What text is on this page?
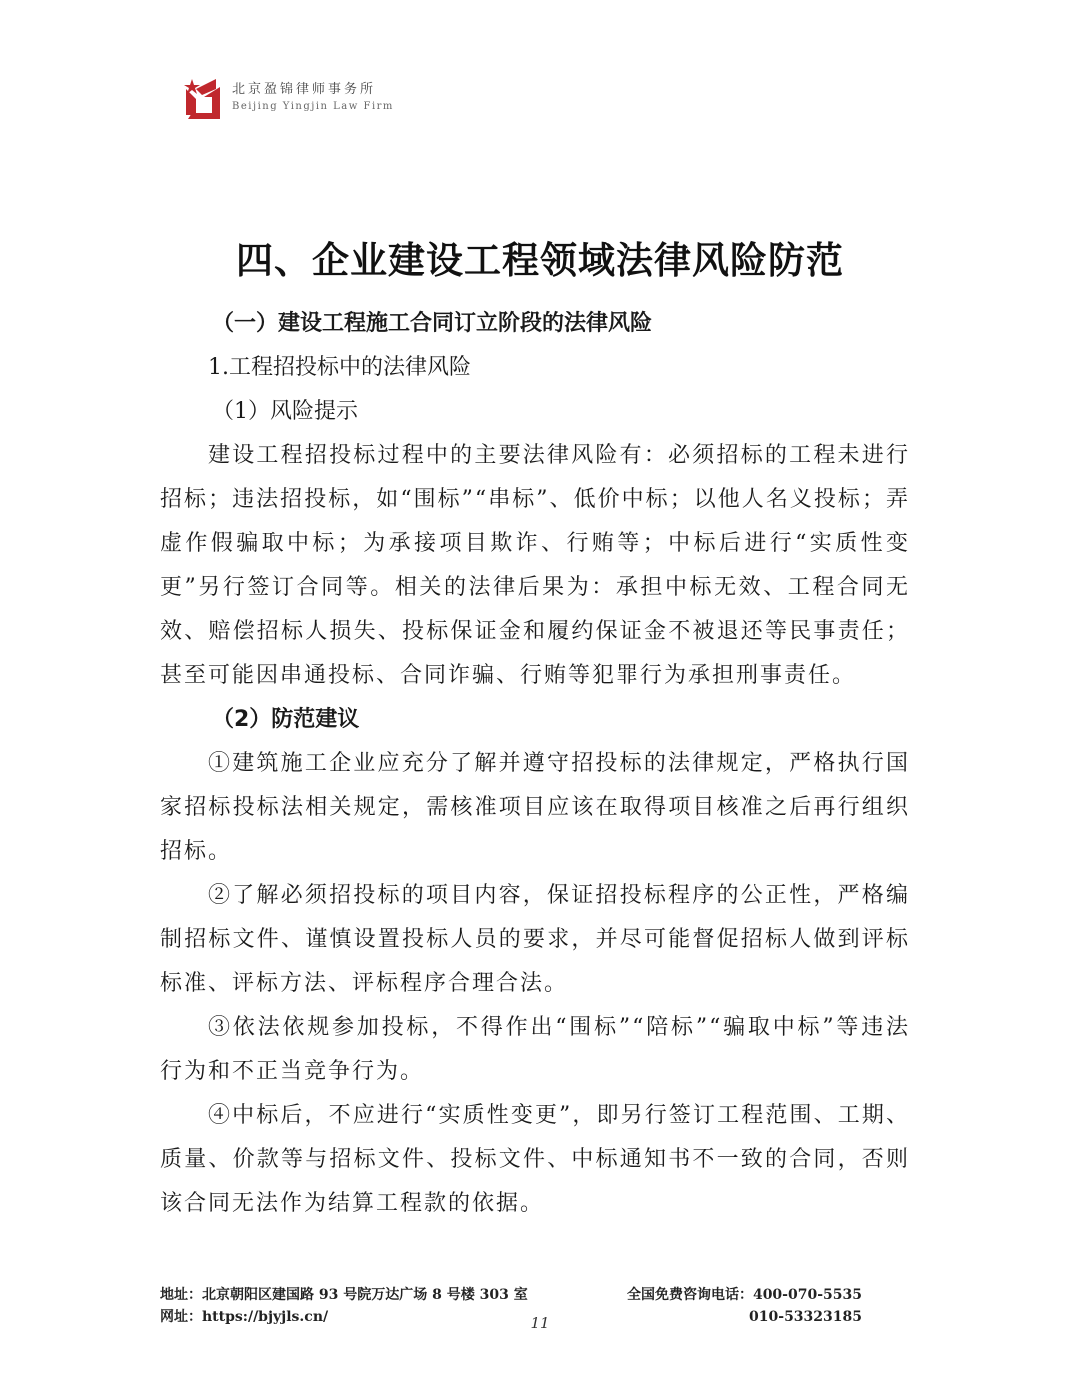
北京盈锦律师事务所
Beijing Yingjin Law Firm
四、企业建设工程领域法律风险防范

（一）建设工程施工合同订立阶段的法律风险

1.工程招投标中的法律风险

（1）风险提示

建设工程招投标过程中的主要法律风险有：必须招标的工程未进行招标；违法招投标，如“围标”“串标”、低价中标；以他人名义投标；弄虚作假骗取中标；为承接项目欺诈、行贿等；中标后进行“实质性变更”另行签订合同等。相关的法律后果为：承担中标无效、工程合同无效、赔偿招标人损失、投标保证金和履约保证金不被退还等民事责任；甚至可能因串通投标、合同诈骗、行贿等犯罪行为承担刑事责任。

（2）防范建议

①建筑施工企业应充分了解并遵守招投标的法律规定，严格执行国家招标投标法相关规定，需核准项目应该在取得项目核准之后再行组织招标。

②了解必须招投标的项目内容，保证招投标程序的公正性，严格编制招标文件、谨慎设置投标人员的要求，并尽可能督促招标人做到评标标准、评标方法、评标程序合理合法。

③依法依规参加投标，不得作出“围标”“陪标”“骗取中标”等违法行为和不正当竞争行为。

④中标后，不应进行“实质性变更”，即另行签订工程范围、工期、质量、价款等与招标文件、投标文件、中标通知书不一致的合同，否则该合同无法作为结算工程款的依据。

地址：北京朝阳区建国路 93 号院万达广场 8 号楼 303 室	全国免费咨询电话：400-070-5535
网址：https://bjyjls.cn/	010-53323185
11
